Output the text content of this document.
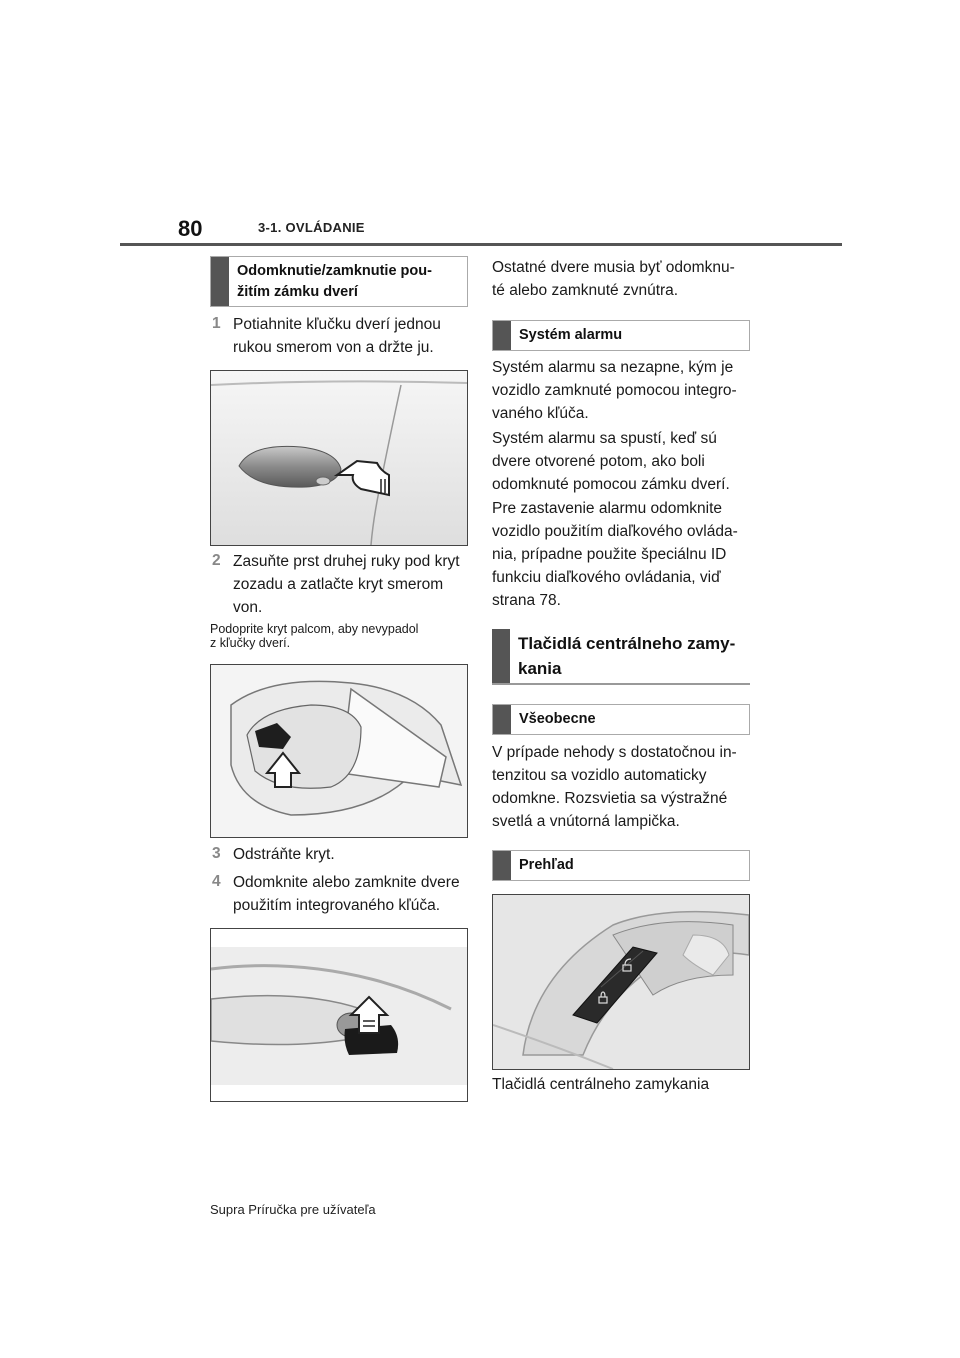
80	3-1. OVLÁDANIE
Odomknutie/zamknutie pou-
žitím zámku dverí
1 Potiahnite kľučku dverí jednou
rukou smerom von a držte ju.
2 Zasuňte prst druhej ruky pod kryt
zozadu a zatlačte kryt smerom
von.
Podoprite kryt palcom, aby nevypadol
z kľučky dverí.
3 Odstráňte kryt.
4 Odomknite alebo zamknite dvere
použitím integrovaného kľúča.
Ostatné dvere musia byť odomknu-
té alebo zamknuté zvnútra.
Systém alarmu
Systém alarmu sa nezapne, kým je
vozidlo zamknuté pomocou integro-
vaného kľúča.
Systém alarmu sa spustí, keď sú
dvere otvorené potom, ako boli
odomknuté pomocou zámku dverí.
Pre zastavenie alarmu odomknite
vozidlo použitím diaľkového ovláda-
nia, prípadne použite špeciálnu ID
funkciu diaľkového ovládania, viď
strana 78.
Tlačidlá centrálneho zamy-
kania
Všeobecne
V prípade nehody s dostatočnou in-
tenzitou sa vozidlo automaticky
odomkne. Rozsvietia sa výstražné
svetlá a vnútorná lampička.
Prehľad
Tlačidlá centrálneho zamykania
Supra Príručka pre užívateľa
